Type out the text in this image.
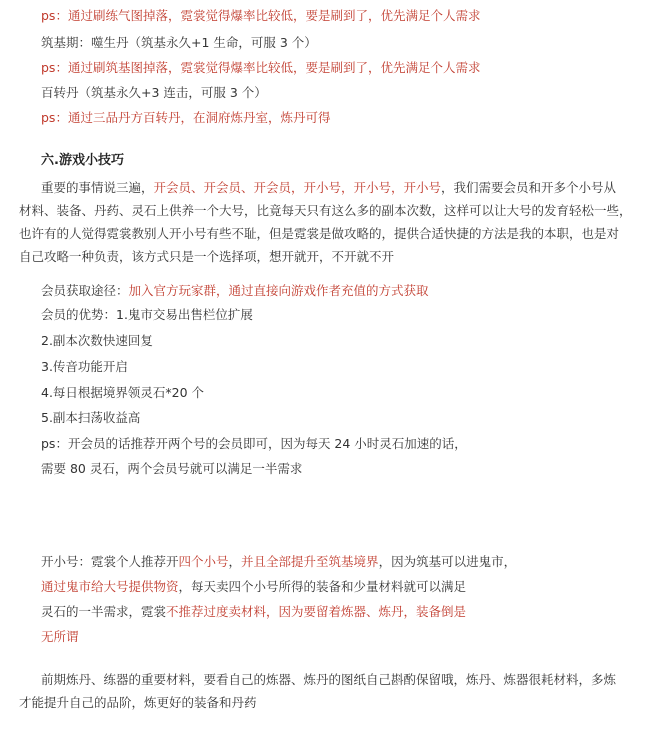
ps：通过刷练气图掉落，霓裳觉得爆率比较低，要是刷到了，优先满足个人需求
筑基期：噬生丹（筑基永久+1 生命，可服 3 个）
ps：通过刷筑基图掉落，霓裳觉得爆率比较低，要是刷到了，优先满足个人需求
百转丹（筑基永久+3 连击，可服 3 个）
ps：通过三品丹方百转丹，在洞府炼丹室，炼丹可得
六.游戏小技巧
重要的事情说三遍，开会员、开会员、开会员，开小号，开小号，开小号，我们需要会员和开多个小号从
材料、装备、丹药、灵石上供养一个大号，比竟每天只有这么多的副本次数，这样可以让大号的发育轻松一些，
也许有的人觉得霓裳教别人开小号有些不耻，但是霓裳是做攻略的，提供合适快捷的方法是我的本职，也是对
自己攻略一种负责，该方式只是一个选择项，想开就开，不开就不开
会员获取途径：加入官方玩家群，通过直接向游戏作者充值的方式获取
会员的优势：1.鬼市交易出售栏位扩展
2.副本次数快速回复
3.传音功能开启
4.每日根据境界领灵石*20 个
5.副本扫荡收益高
ps：开会员的话推荐开两个号的会员即可，因为每天 24 小时灵石加速的话，
需要 80 灵石，两个会员号就可以满足一半需求
开小号：霓裳个人推荐开四个小号，并且全部提升至筑基境界，因为筑基可以进鬼市，
通过鬼市给大号提供物资，每天卖四个小号所得的装备和少量材料就可以满足
灵石的一半需求，霓裳不推荐过度卖材料，因为要留着炼器、炼丹，装备倒是
无所谓
前期炼丹、练器的重要材料，要看自己的炼器、炼丹的图纸自己斟酌保留哦，炼丹、炼器很耗材料，多炼
才能提升自己的品阶，炼更好的装备和丹药
